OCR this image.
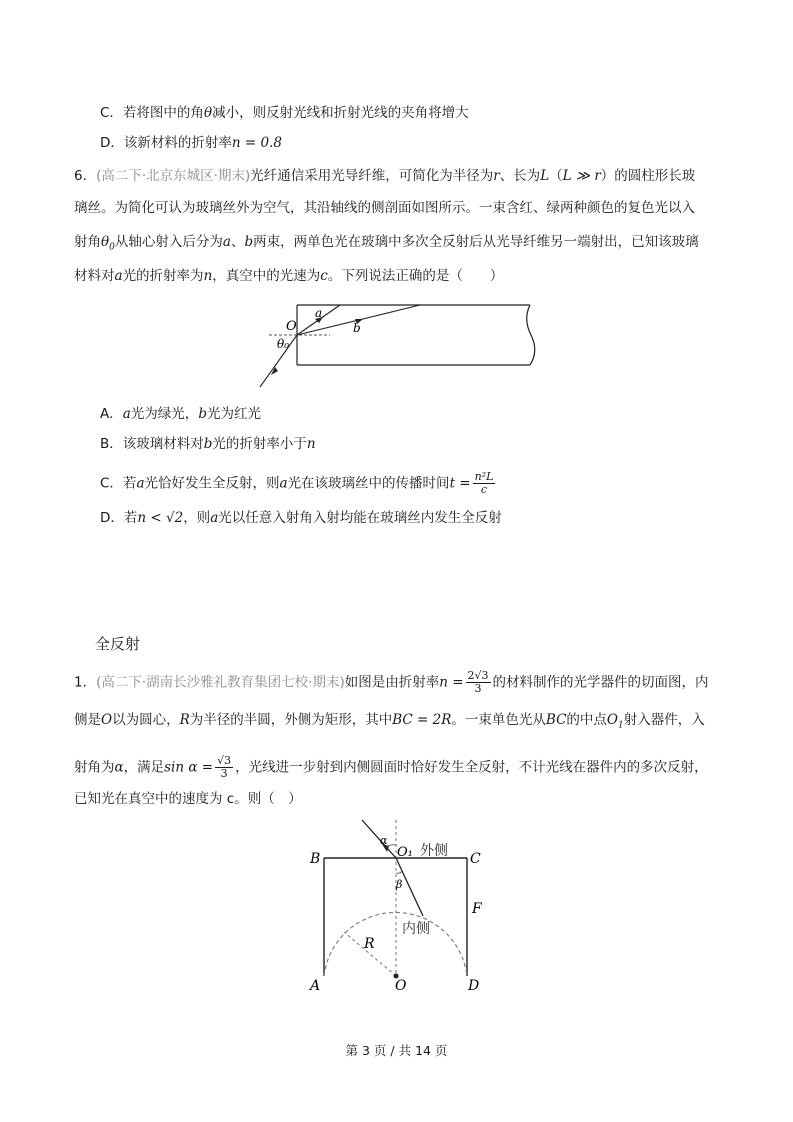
C．若将图中的角θ减小，则反射光线和折射光线的夹角将增大
D．该新材料的折射率n = 0.8
6．(高二下·北京东城区·期末)光纤通信采用光导纤维，可简化为半径为r、长为L（L ≫ r）的圆柱形长玻
璃丝。为简化可认为玻璃丝外为空气，其沿轴线的侧剖面如图所示。一束含红、绿两种颜色的复色光以入
射角$\theta_0$从轴心射入后分为a、b两束，两单色光在玻璃中多次全反射后从光导纤维另一端射出，已知该玻璃
材料对a光的折射率为n，真空中的光速为c。下列说法正确的是（　　）
O
a
b
θ₀
A．a光为绿光，b光为红光
B．该玻璃材料对b光的折射率小于n
C．若a光恰好发生全反射，则a光在该玻璃丝中的传播时间$t = \frac{\text{n²L}}{c}$
D．若n < √2，则a光以任意入射角入射均能在玻璃丝内发生全反射
全反射
1．(高二下·湖南长沙雅礼教育集团七校·期末)如图是由折射率$n = \frac{2√3}{3}$ 的材料制作的光学器件的切面图，内
侧是O以为圆心，R为半径的半圆，外侧为矩形，其中BC = 2R。一束单色光从BC的中点$O_1$射入器件，入
射角为α，满足$\sin \alpha = \frac{√3}{3}$ ，光线进一步射到内侧圆面时恰好发生全反射，不计光线在器件内的多次反射，
已知光在真空中的速度为 c。则（　）
B	C
A	D
F
O
R
O₁
α
β
外侧
内侧
第 3 页 / 共 14 页
